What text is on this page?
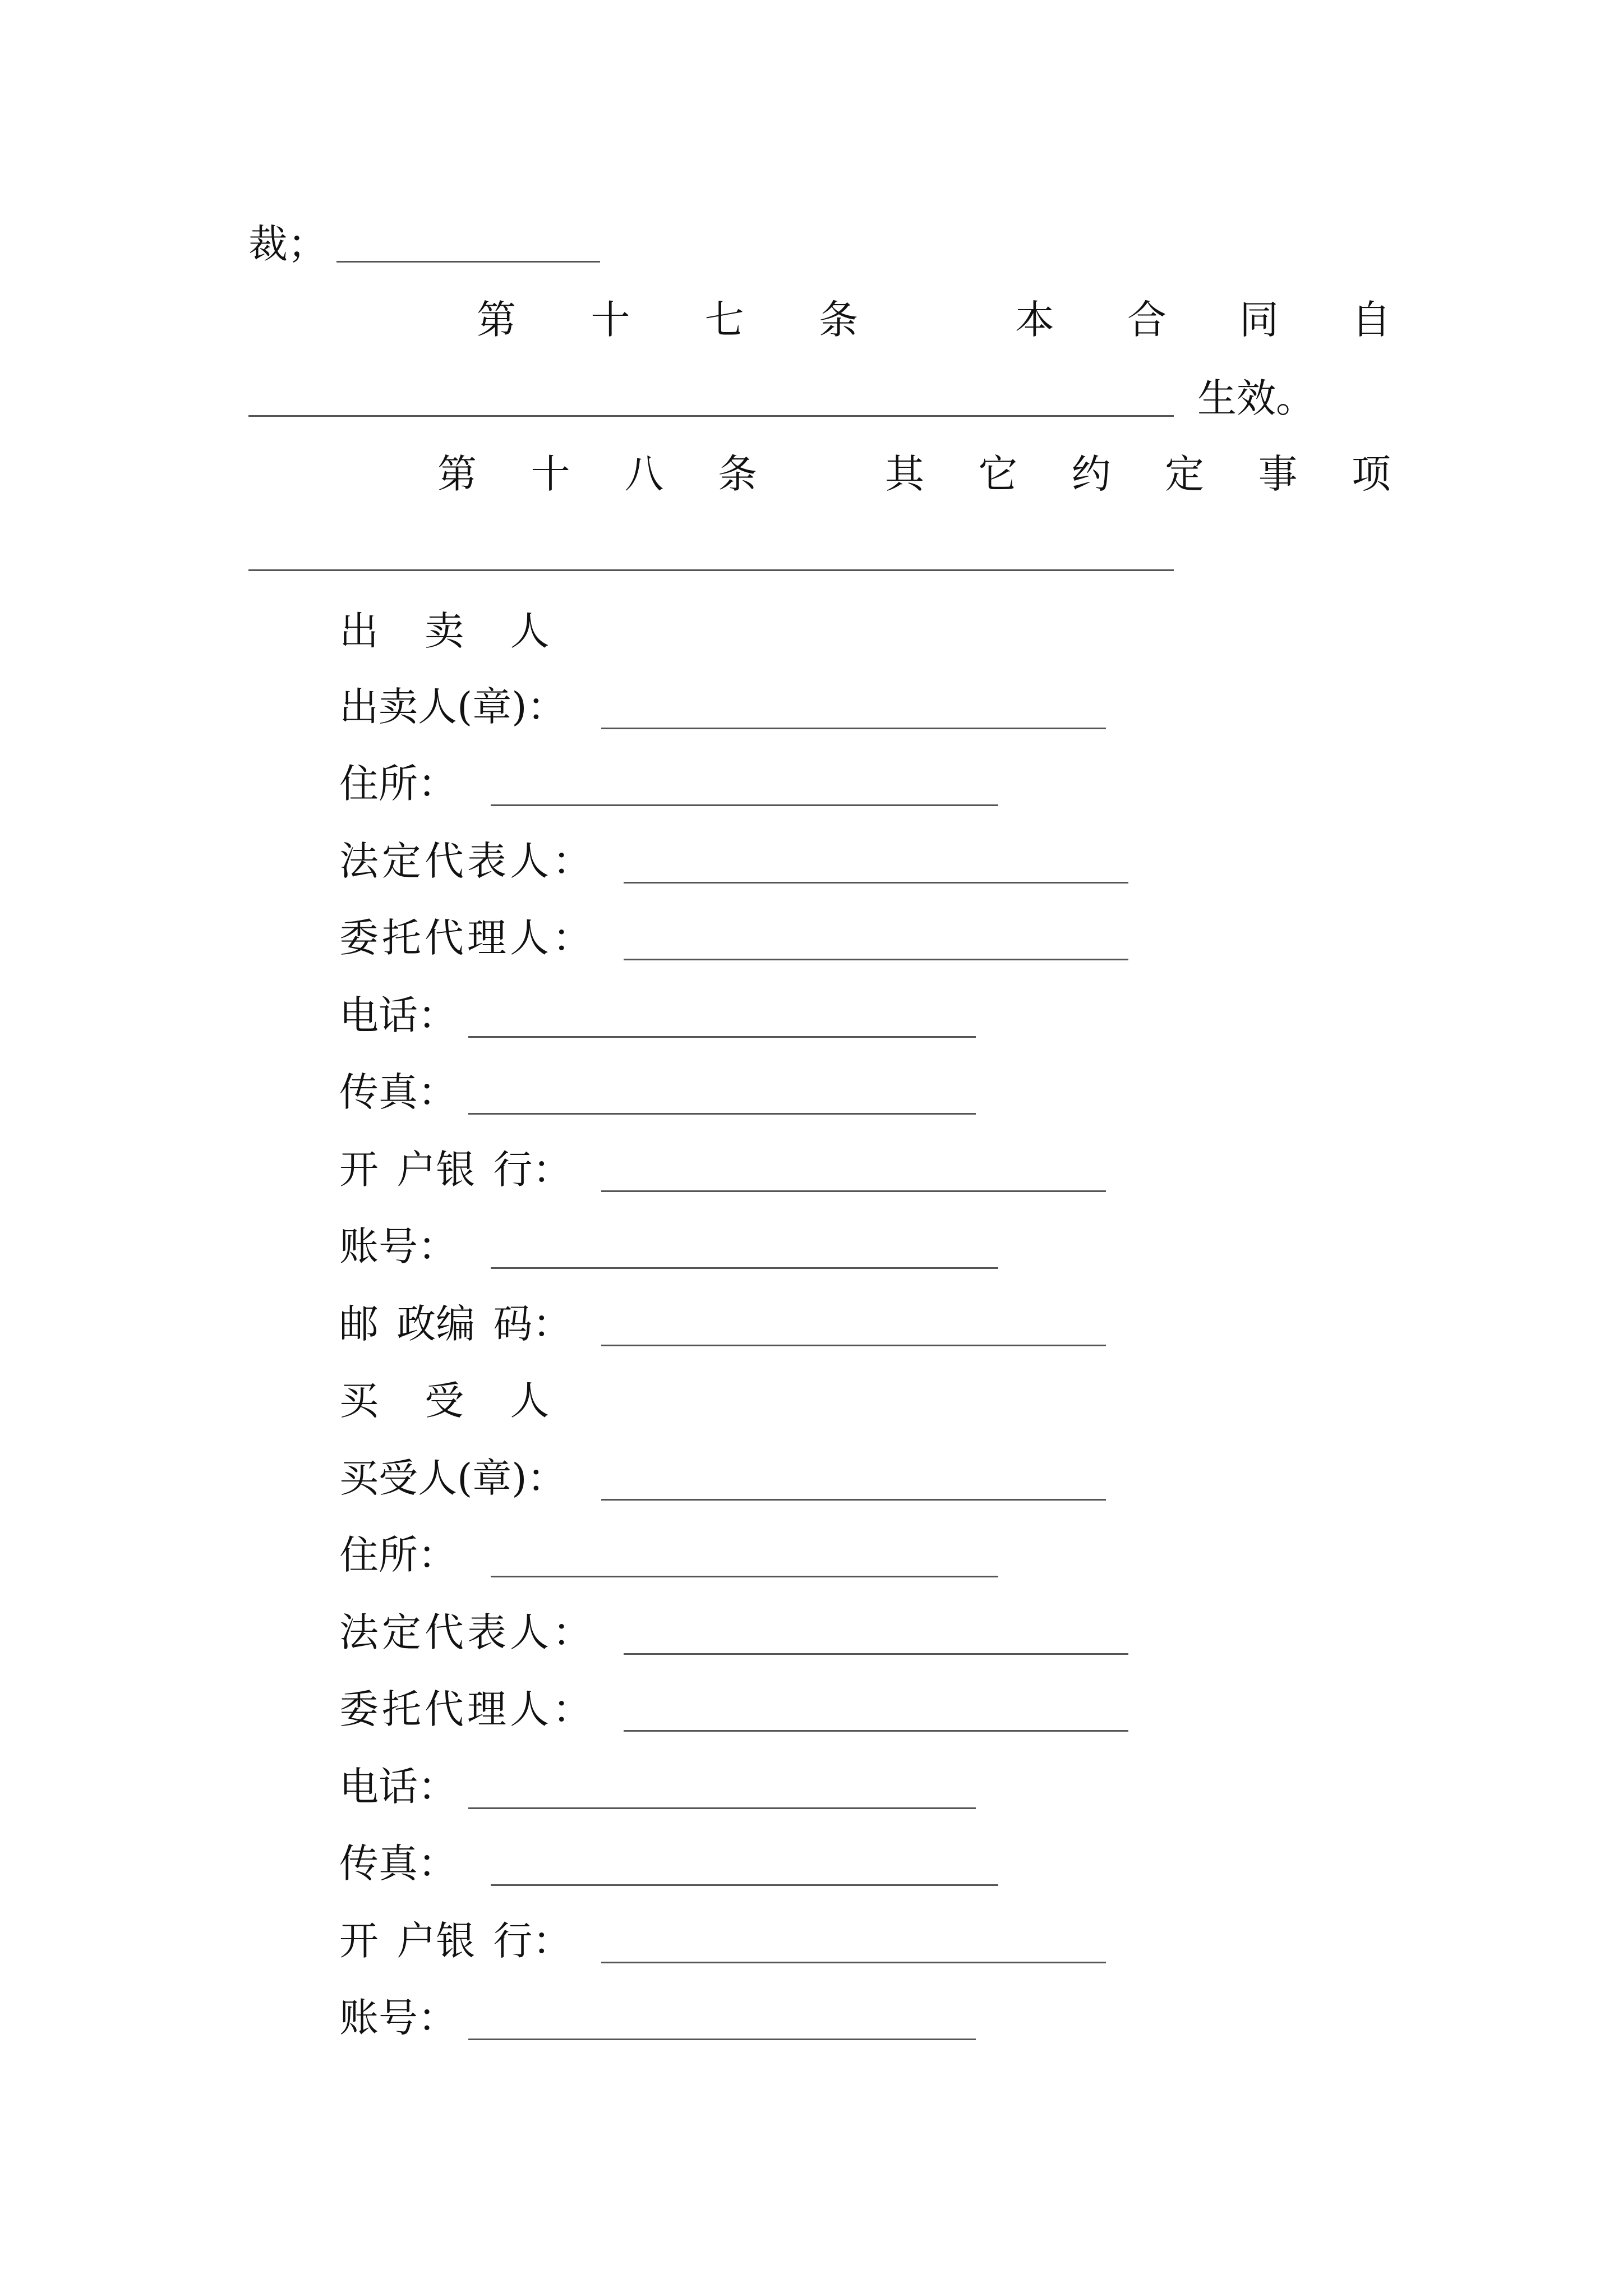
裁；
第 十 七 条	本 合 同 自
生效。
第 十 八 条	其 它 约 定 事 项
出 卖 人
出卖人(章)：
住所：
法定代表人：
委托代理人：
电话：
传真：
开 户银 行：
账号：
邮 政编 码：
买 受 人
买受人(章)：
住所：
法定代表人：
委托代理人：
电话：
传真：
开 户银 行：
账号：
